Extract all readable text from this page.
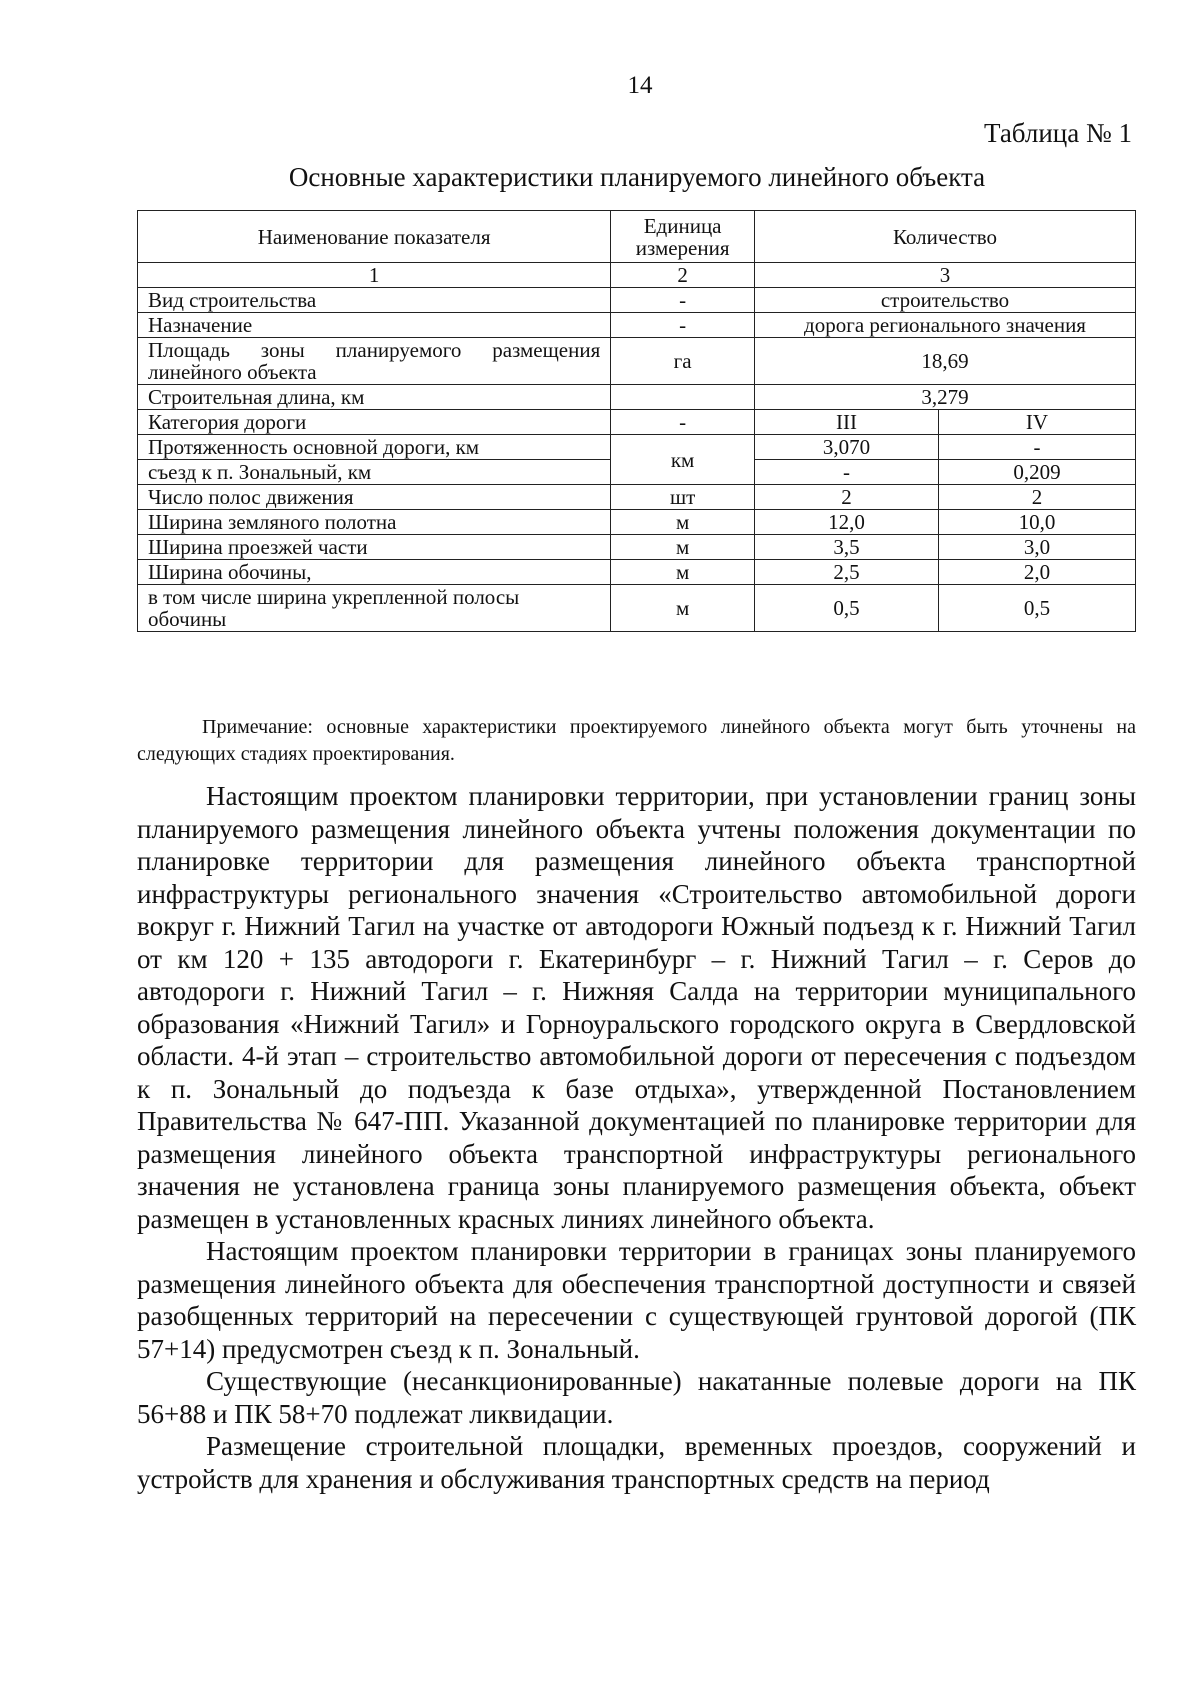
14
Таблица № 1
Основные характеристики планируемого линейного объекта
Наименование показателя	Единица измерения	Количество	
1	2	3	
Вид строительства	-	строительство	
Назначение	-	дорога регионального значения	
Площадь зоны планируемого размещения линейного объекта	га	18,69	
Строительная длина, км		3,279	
Категория дороги	-	III	IV
Протяженность основной дороги, км	км	3,070	-
съезд к п. Зональный, км		-	0,209
Число полос движения	шт	2	2
Ширина земляного полотна	м	12,0	10,0
Ширина проезжей части	м	3,5	3,0
Ширина обочины,	м	2,5	2,0
в том числе ширина укрепленной полосы обочины	м	0,5	0,5
Примечание: основные характеристики проектируемого линейного объекта могут быть уточнены на следующих стадиях проектирования.

Настоящим проектом планировки территории, при установлении границ зоны планируемого размещения линейного объекта учтены положения документации по планировке территории для размещения линейного объекта транспортной инфраструктуры регионального значения «Строительство автомобильной дороги вокруг г. Нижний Тагил на участке от автодороги Южный подъезд к г. Нижний Тагил от км 120 + 135 автодороги г. Екатеринбург – г. Нижний Тагил – г. Серов до автодороги г. Нижний Тагил – г. Нижняя Салда на территории муниципального образования «Нижний Тагил» и Горноуральского городского округа в Свердловской области. 4-й этап – строительство автомобильной дороги от пересечения с подъездом к п. Зональный до подъезда к базе отдыха», утвержденной Постановлением Правительства № 647-ПП. Указанной документацией по планировке территории для размещения линейного объекта транспортной инфраструктуры регионального значения не установлена граница зоны планируемого размещения объекта, объект размещен в установленных красных линиях линейного объекта.

Настоящим проектом планировки территории в границах зоны планируемого размещения линейного объекта для обеспечения транспортной доступности и связей разобщенных территорий на пересечении с существующей грунтовой дорогой (ПК 57+14) предусмотрен съезд к п. Зональный.

Существующие (несанкционированные) накатанные полевые дороги на ПК 56+88 и ПК 58+70 подлежат ликвидации.

Размещение строительной площадки, временных проездов, сооружений и устройств для хранения и обслуживания транспортных средств на период
